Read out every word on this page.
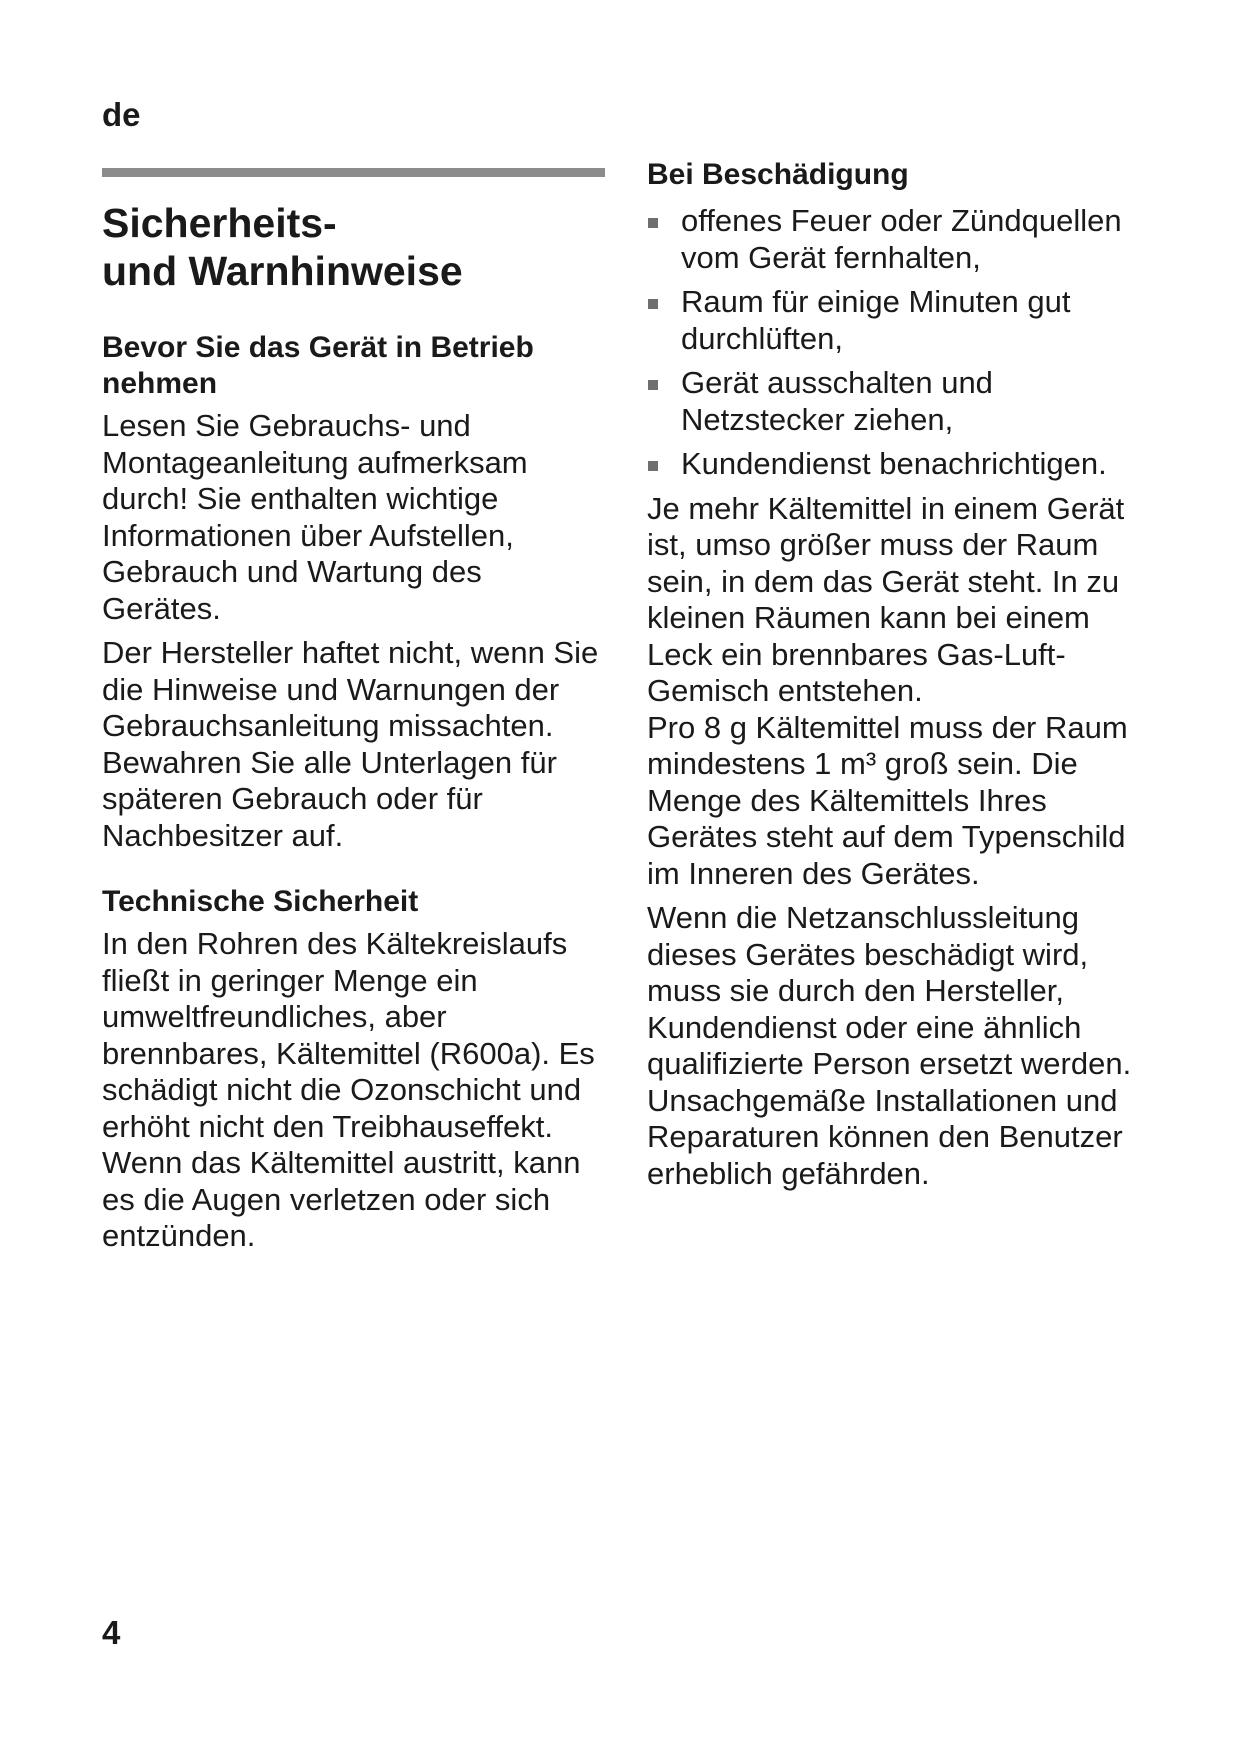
de
Sicherheits-
und Warnhinweise
Bevor Sie das Gerät in Betrieb nehmen

Lesen Sie Gebrauchs- und Montageanleitung aufmerksam durch! Sie enthalten wichtige Informationen über Aufstellen, Gebrauch und Wartung des Gerätes.

Der Hersteller haftet nicht, wenn Sie die Hinweise und Warnungen der Gebrauchsanleitung missachten. Bewahren Sie alle Unterlagen für späteren Gebrauch oder für Nachbesitzer auf.

Technische Sicherheit

In den Rohren des Kältekreislaufs fließt in geringer Menge ein umweltfreundliches, aber brennbares, Kältemittel (R600a). Es schädigt nicht die Ozonschicht und erhöht nicht den Treibhauseffekt. Wenn das Kältemittel austritt, kann es die Augen verletzen oder sich entzünden.

Bei Beschädigung
offenes Feuer oder Zündquellen vom Gerät fernhalten,
Raum für einige Minuten gut durchlüften,
Gerät ausschalten und Netzstecker ziehen,
Kundendienst benachrichtigen.

Je mehr Kältemittel in einem Gerät ist, umso größer muss der Raum sein, in dem das Gerät steht. In zu kleinen Räumen kann bei einem Leck ein brennbares Gas-Luft-Gemisch entstehen.

Pro 8 g Kältemittel muss der Raum mindestens 1 m³ groß sein. Die Menge des Kältemittels Ihres Gerätes steht auf dem Typenschild im Inneren des Gerätes.

Wenn die Netzanschlussleitung dieses Gerätes beschädigt wird, muss sie durch den Hersteller, Kundendienst oder eine ähnlich qualifizierte Person ersetzt werden. Unsachgemäße Installationen und Reparaturen können den Benutzer erheblich gefährden.

4
